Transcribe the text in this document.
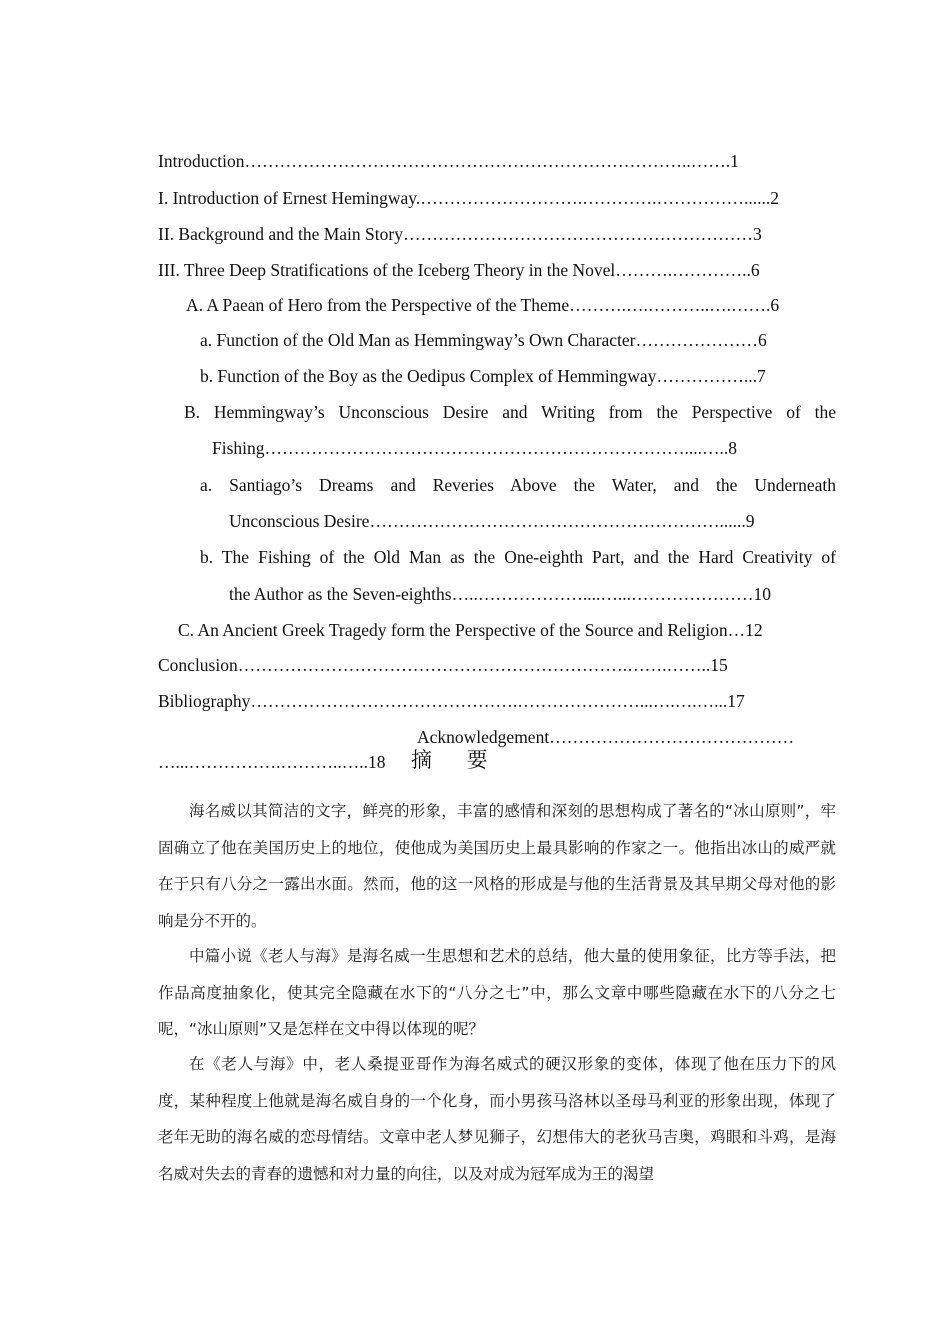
Introduction…………………………………………………………………..…….1
I. Introduction of Ernest Hemingway.……………………….………….……………......2
II. Background and the Main Story……………………………………………………3
III. Three Deep Stratifications of the Iceberg Theory in the Novel……….…………..6
A. A Paean of Hero from the Perspective of the Theme……….….………..….…….6
a. Function of the Old Man as Hemmingway’s Own Character…………………6
b. Function of the Boy as the Oedipus Complex of Hemmingway……………...7
B. Hemmingway’s Unconscious Desire and Writing from the Perspective of the
Fishing………………………………………………………………....…..8
a. Santiago’s Dreams and Reveries Above the Water, and the Underneath
Unconscious Desire……………………………………………………......9
b. The Fishing of the Old Man as the One-eighth Part, and the Hard Creativity of
the Author as the Seven-eighths…..………………....…...…………………10
C. An Ancient Greek Tragedy form the Perspective of the Source and Religion…12
Conclusion………………………………………………………….…….……..15
Bibliography……………………………………….…………………...….….…...17
Acknowledgement……………………………………
…...…………….………..…..18	摘 要

海名威以其简洁的文字，鲜亮的形象，丰富的感情和深刻的思想构成了著名的“冰山原则”，牢固确立了他在美国历史上的地位，使他成为美国历史上最具影响的作家之一。他指出冰山的威严就在于只有八分之一露出水面。然而，他的这一风格的形成是与他的生活背景及其早期父母对他的影响是分不开的。

中篇小说《老人与海》是海名威一生思想和艺术的总结，他大量的使用象征，比方等手法，把作品高度抽象化，使其完全隐藏在水下的“八分之七”中，那么文章中哪些隐藏在水下的八分之七呢，“冰山原则”又是怎样在文中得以体现的呢？

在《老人与海》中，老人桑提亚哥作为海名威式的硬汉形象的变体，体现了他在压力下的风度，某种程度上他就是海名威自身的一个化身，而小男孩马洛林以圣母马利亚的形象出现，体现了老年无助的海名威的恋母情结。文章中老人梦见狮子，幻想伟大的老狄马吉奥，鸡眼和斗鸡，是海名威对失去的青春的遗憾和对力量的向往，以及对成为冠军成为王的渴望
